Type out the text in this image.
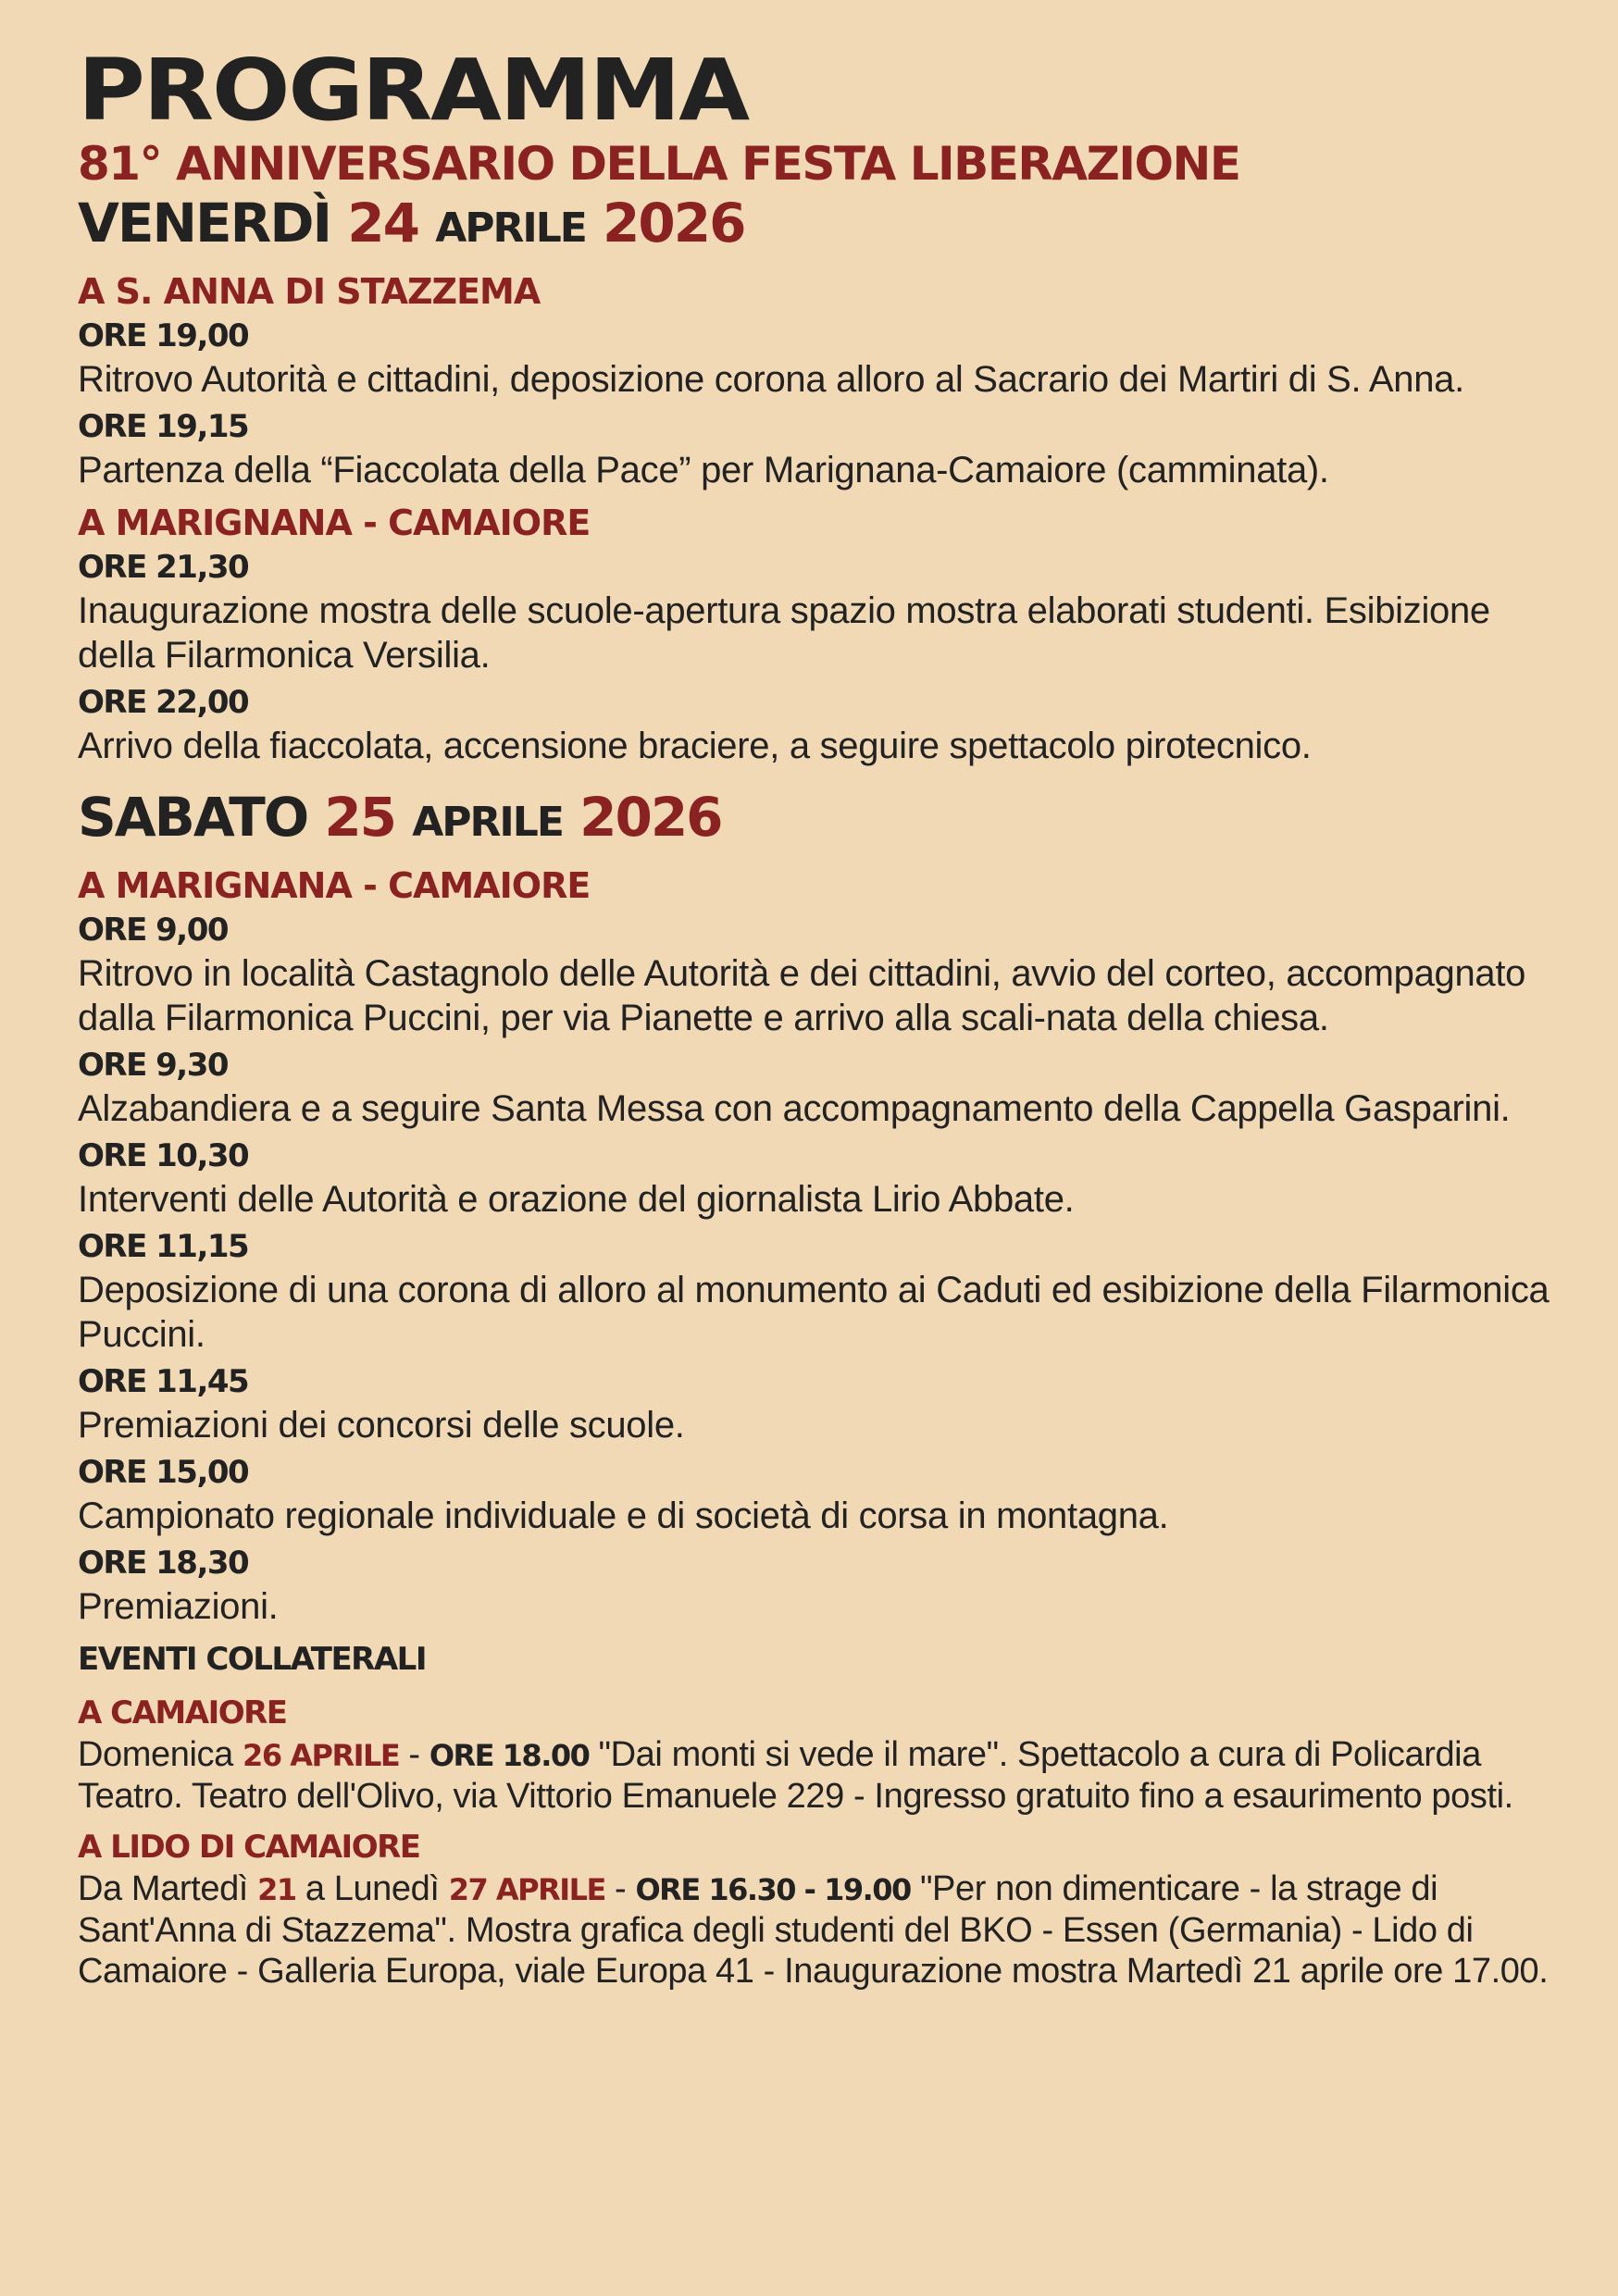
PROGRAMMA
81° ANNIVERSARIO DELLA FESTA LIBERAZIONE
VENERDÌ 24 APRILE 2026
A S. ANNA DI STAZZEMA
ORE 19,00

Ritrovo Autorità e cittadini, deposizione corona alloro al Sacrario dei Martiri di S. Anna.

ORE 19,15

Partenza della “Fiaccolata della Pace” per Marignana-Camaiore (camminata).

A MARIGNANA - CAMAIORE
ORE 21,30

Inaugurazione mostra delle scuole-apertura spazio mostra elaborati studenti. Esibizione della Filarmonica Versilia.

ORE 22,00

Arrivo della fiaccolata, accensione braciere, a seguire spettacolo pirotecnico.

SABATO 25 APRILE 2026
A MARIGNANA - CAMAIORE
ORE 9,00

Ritrovo in località Castagnolo delle Autorità e dei cittadini, avvio del corteo, accompagnato dalla Filarmonica Puccini, per via Pianette e arrivo alla scali-nata della chiesa.

ORE 9,30

Alzabandiera e a seguire Santa Messa con accompagnamento della Cappella Gasparini.

ORE 10,30

Interventi delle Autorità e orazione del giornalista Lirio Abbate.

ORE 11,15

Deposizione di una corona di alloro al monumento ai Caduti ed esibizione della Filarmonica Puccini.

ORE 11,45

Premiazioni dei concorsi delle scuole.

ORE 15,00

Campionato regionale individuale e di società di corsa in montagna.

ORE 18,30

Premiazioni.

EVENTI COLLATERALI
A CAMAIORE

Domenica 26 APRILE - ORE 18.00 "Dai monti si vede il mare". Spettacolo a cura di Policardia Teatro. Teatro dell'Olivo, via Vittorio Emanuele 229 - Ingresso gratuito fino a esaurimento posti.

A LIDO DI CAMAIORE

Da Martedì 21 a Lunedì 27 APRILE - ORE 16.30 - 19.00 "Per non dimenticare - la strage di Sant'Anna di Stazzema". Mostra grafica degli studenti del BKO - Essen (Germania) - Lido di Camaiore - Galleria Europa, viale Europa 41 - Inaugurazione mostra Martedì 21 aprile ore 17.00.
